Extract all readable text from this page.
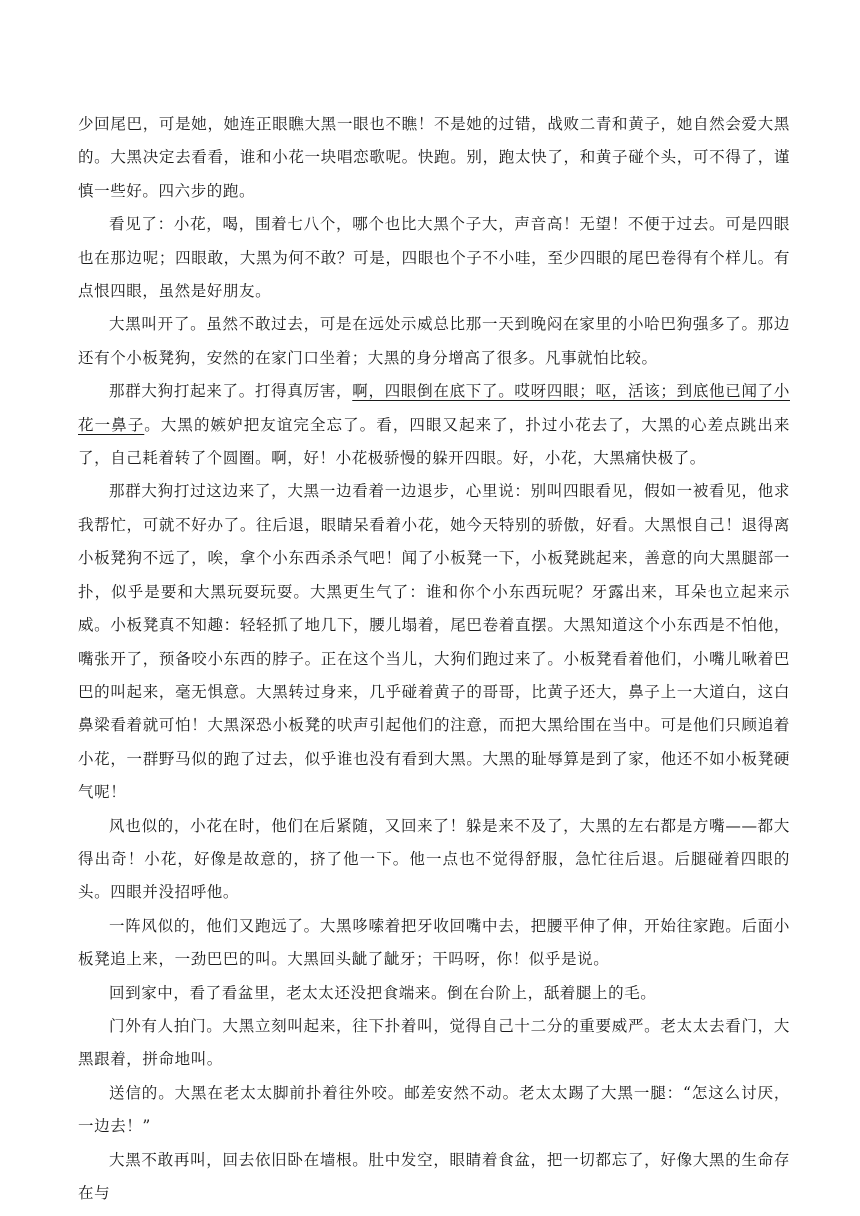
少回尾巴，可是她，她连正眼瞧大黑一眼也不瞧！不是她的过错，战败二青和黄子，她自然会爱大黑的。大黑决定去看看，谁和小花一块唱恋歌呢。快跑。别，跑太快了，和黄子碰个头，可不得了，谨慎一些好。四六步的跑。

看见了：小花，喝，围着七八个，哪个也比大黑个子大，声音高！无望！不便于过去。可是四眼也在那边呢；四眼敢，大黑为何不敢？可是，四眼也个子不小哇，至少四眼的尾巴卷得有个样儿。有点恨四眼，虽然是好朋友。

大黑叫开了。虽然不敢过去，可是在远处示威总比那一天到晚闷在家里的小哈巴狗强多了。那边还有个小板凳狗，安然的在家门口坐着；大黑的身分增高了很多。凡事就怕比较。

那群大狗打起来了。打得真厉害，啊，四眼倒在底下了。哎呀四眼；呕，活该；到底他已闻了小花一鼻子。大黑的嫉妒把友谊完全忘了。看，四眼又起来了，扑过小花去了，大黑的心差点跳出来了，自己耗着转了个圆圈。啊，好！小花极骄慢的躲开四眼。好，小花，大黑痛快极了。

那群大狗打过这边来了，大黑一边看着一边退步，心里说：别叫四眼看见，假如一被看见，他求我帮忙，可就不好办了。往后退，眼睛呆看着小花，她今天特别的骄傲，好看。大黑恨自己！退得离小板凳狗不远了，唉，拿个小东西杀杀气吧！闻了小板凳一下，小板凳跳起来，善意的向大黑腿部一扑，似乎是要和大黑玩耍玩耍。大黑更生气了：谁和你个小东西玩呢？牙露出来，耳朵也立起来示威。小板凳真不知趣：轻轻抓了地几下，腰儿塌着，尾巴卷着直摆。大黑知道这个小东西是不怕他，嘴张开了，预备咬小东西的脖子。正在这个当儿，大狗们跑过来了。小板凳看着他们，小嘴儿啾着巴巴的叫起来，毫无惧意。大黑转过身来，几乎碰着黄子的哥哥，比黄子还大，鼻子上一大道白，这白鼻梁看着就可怕！大黑深恐小板凳的吠声引起他们的注意，而把大黑给围在当中。可是他们只顾追着小花，一群野马似的跑了过去，似乎谁也没有看到大黑。大黑的耻辱算是到了家，他还不如小板凳硬气呢！

风也似的，小花在时，他们在后紧随，又回来了！躲是来不及了，大黑的左右都是方嘴——都大得出奇！小花，好像是故意的，挤了他一下。他一点也不觉得舒服，急忙往后退。后腿碰着四眼的头。四眼并没招呼他。

一阵风似的，他们又跑远了。大黑哆嗦着把牙收回嘴中去，把腰平伸了伸，开始往家跑。后面小板凳追上来，一劲巴巴的叫。大黑回头龇了龇牙；干吗呀，你！似乎是说。

回到家中，看了看盆里，老太太还没把食端来。倒在台阶上，舐着腿上的毛。

门外有人拍门。大黑立刻叫起来，往下扑着叫，觉得自己十二分的重要威严。老太太去看门，大黑跟着，拼命地叫。

送信的。大黑在老太太脚前扑着往外咬。邮差安然不动。老太太踢了大黑一腿：“怎这么讨厌，一边去！”

大黑不敢再叫，回去依旧卧在墙根。肚中发空，眼睛着食盆，把一切都忘了，好像大黑的生命存在与
